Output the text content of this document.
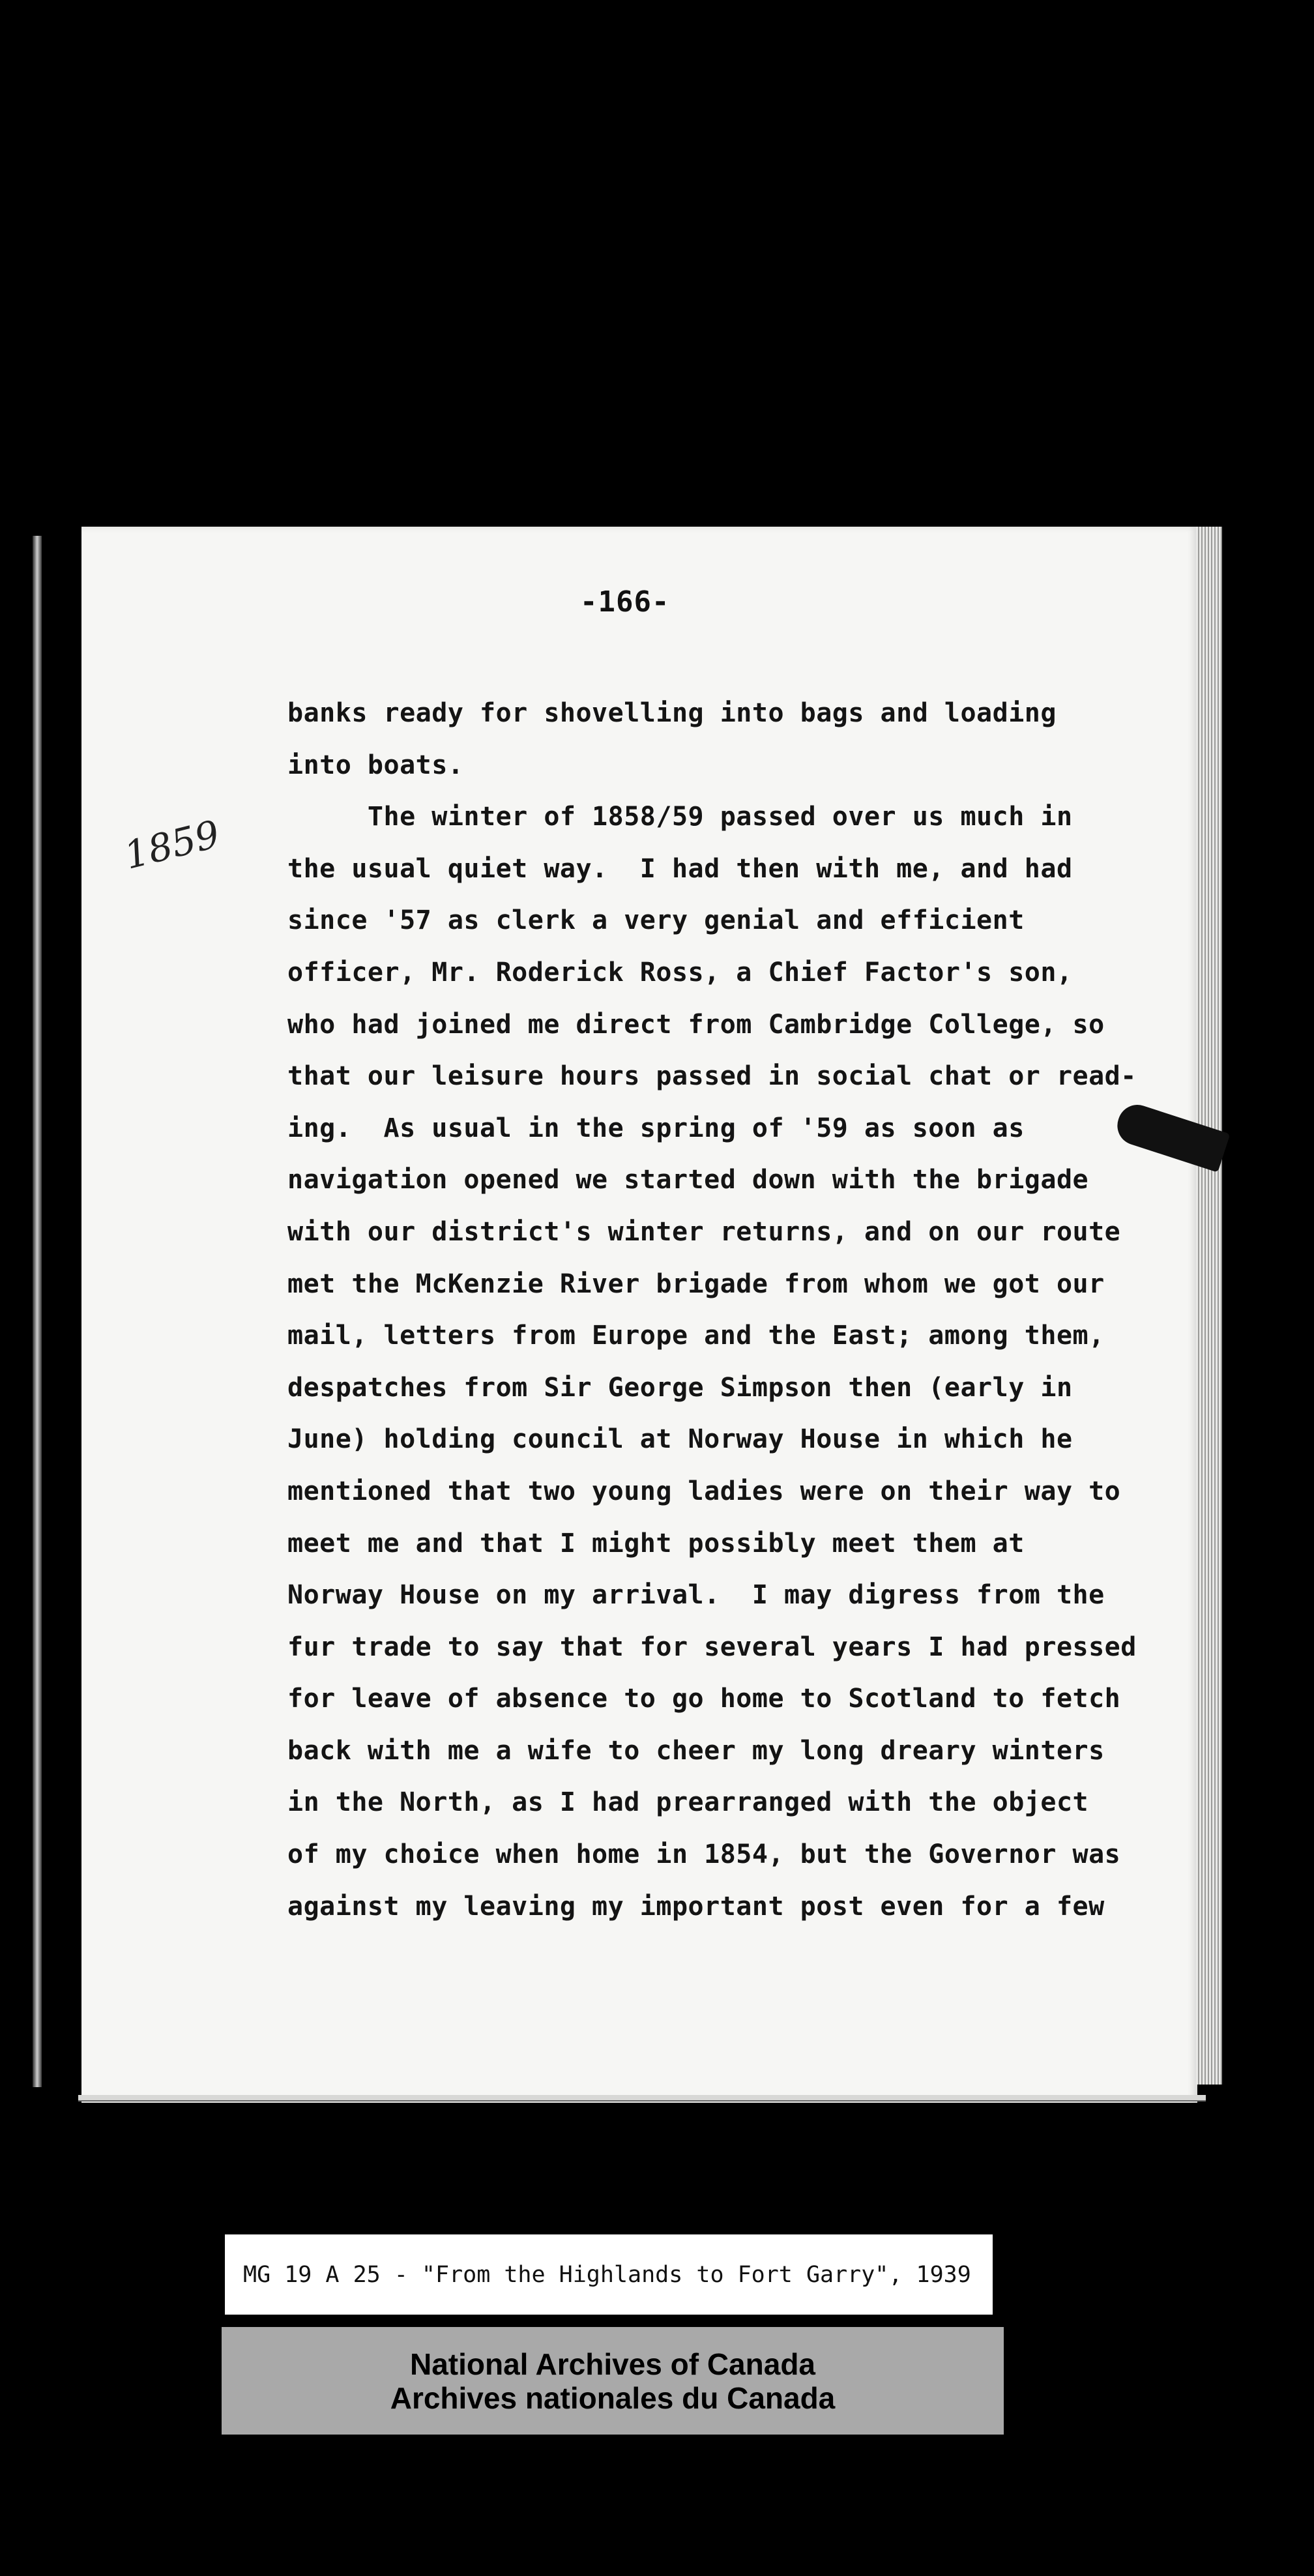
-166-
1859
banks ready for shovelling into bags and loading
into boats.
The winter of 1858/59 passed over us much in
the usual quiet way.  I had then with me, and had
since '57 as clerk a very genial and efficient
officer, Mr. Roderick Ross, a Chief Factor's son,
who had joined me direct from Cambridge College, so
that our leisure hours passed in social chat or read-
ing.  As usual in the spring of '59 as soon as
navigation opened we started down with the brigade
with our district's winter returns, and on our route
met the McKenzie River brigade from whom we got our
mail, letters from Europe and the East; among them,
despatches from Sir George Simpson then (early in
June) holding council at Norway House in which he
mentioned that two young ladies were on their way to
meet me and that I might possibly meet them at
Norway House on my arrival.  I may digress from the
fur trade to say that for several years I had pressed
for leave of absence to go home to Scotland to fetch
back with me a wife to cheer my long dreary winters
in the North, as I had prearranged with the object
of my choice when home in 1854, but the Governor was
against my leaving my important post even for a few
MG 19 A 25 - "From the Highlands to Fort Garry", 1939
National Archives of Canada
Archives nationales du Canada
